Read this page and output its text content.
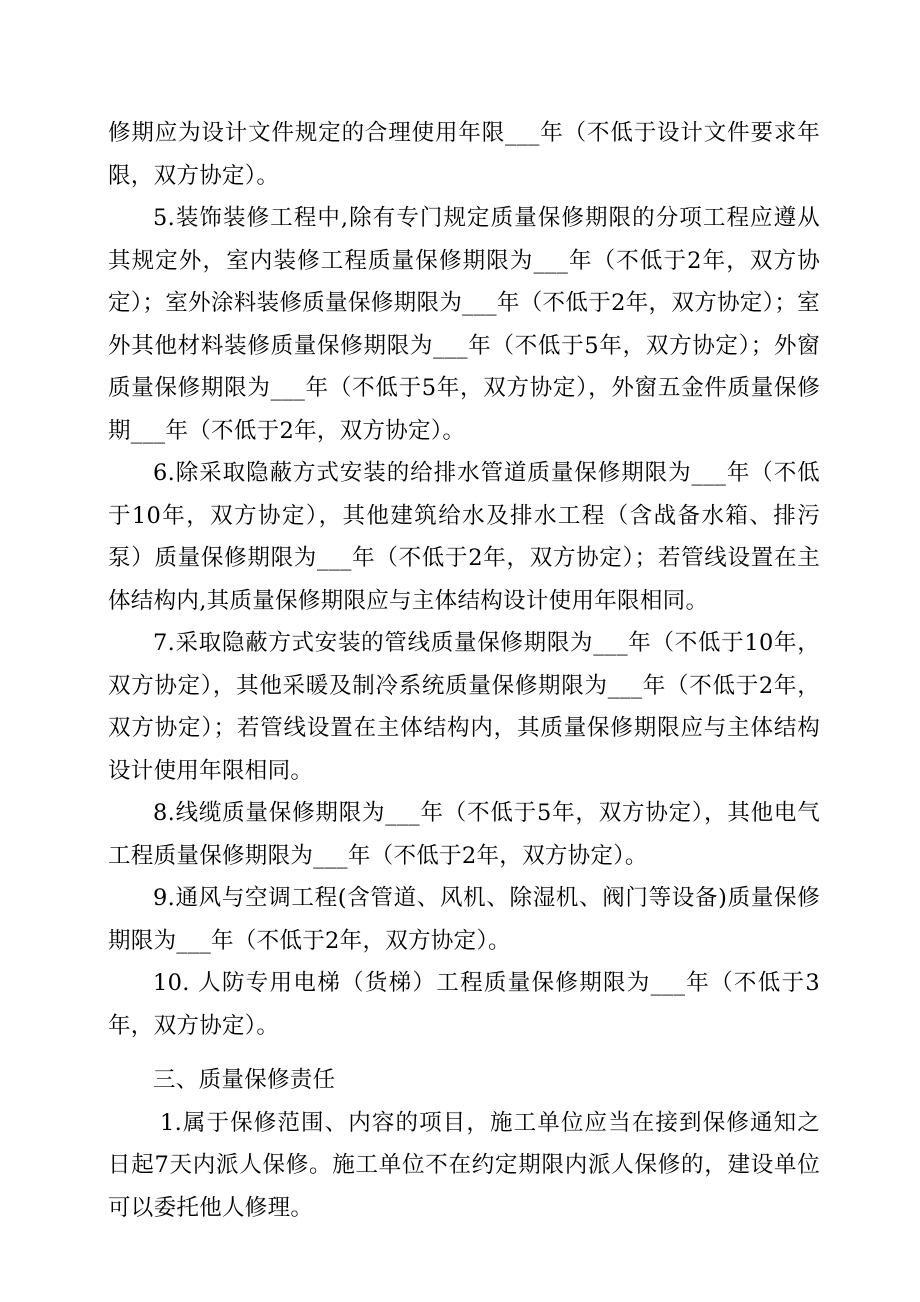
修期应为设计文件规定的合理使用年限___年（不低于设计文件要求年限，双方协定）。

5.装饰装修工程中,除有专门规定质量保修期限的分项工程应遵从其规定外，室内装修工程质量保修期限为___年（不低于2年，双方协定）；室外涂料装修质量保修期限为___年（不低于2年，双方协定）；室外其他材料装修质量保修期限为___年（不低于5年，双方协定）；外窗质量保修期限为___年（不低于5年，双方协定），外窗五金件质量保修期___年（不低于2年，双方协定）。

6.除采取隐蔽方式安装的给排水管道质量保修期限为___年（不低于10年，双方协定），其他建筑给水及排水工程（含战备水箱、排污泵）质量保修期限为___年（不低于2年，双方协定）；若管线设置在主体结构内,其质量保修期限应与主体结构设计使用年限相同。

7.采取隐蔽方式安装的管线质量保修期限为___年（不低于10年，双方协定），其他采暖及制冷系统质量保修期限为___年（不低于2年，双方协定）；若管线设置在主体结构内，其质量保修期限应与主体结构设计使用年限相同。

8.线缆质量保修期限为___年（不低于5年，双方协定），其他电气工程质量保修期限为___年（不低于2年，双方协定）。

9.通风与空调工程(含管道、风机、除湿机、阀门等设备)质量保修期限为___年（不低于2年，双方协定）。

10. 人防专用电梯（货梯）工程质量保修期限为___年（不低于3年，双方协定）。

三、质量保修责任

1.属于保修范围、内容的项目，施工单位应当在接到保修通知之日起7天内派人保修。施工单位不在约定期限内派人保修的，建设单位可以委托他人修理。
